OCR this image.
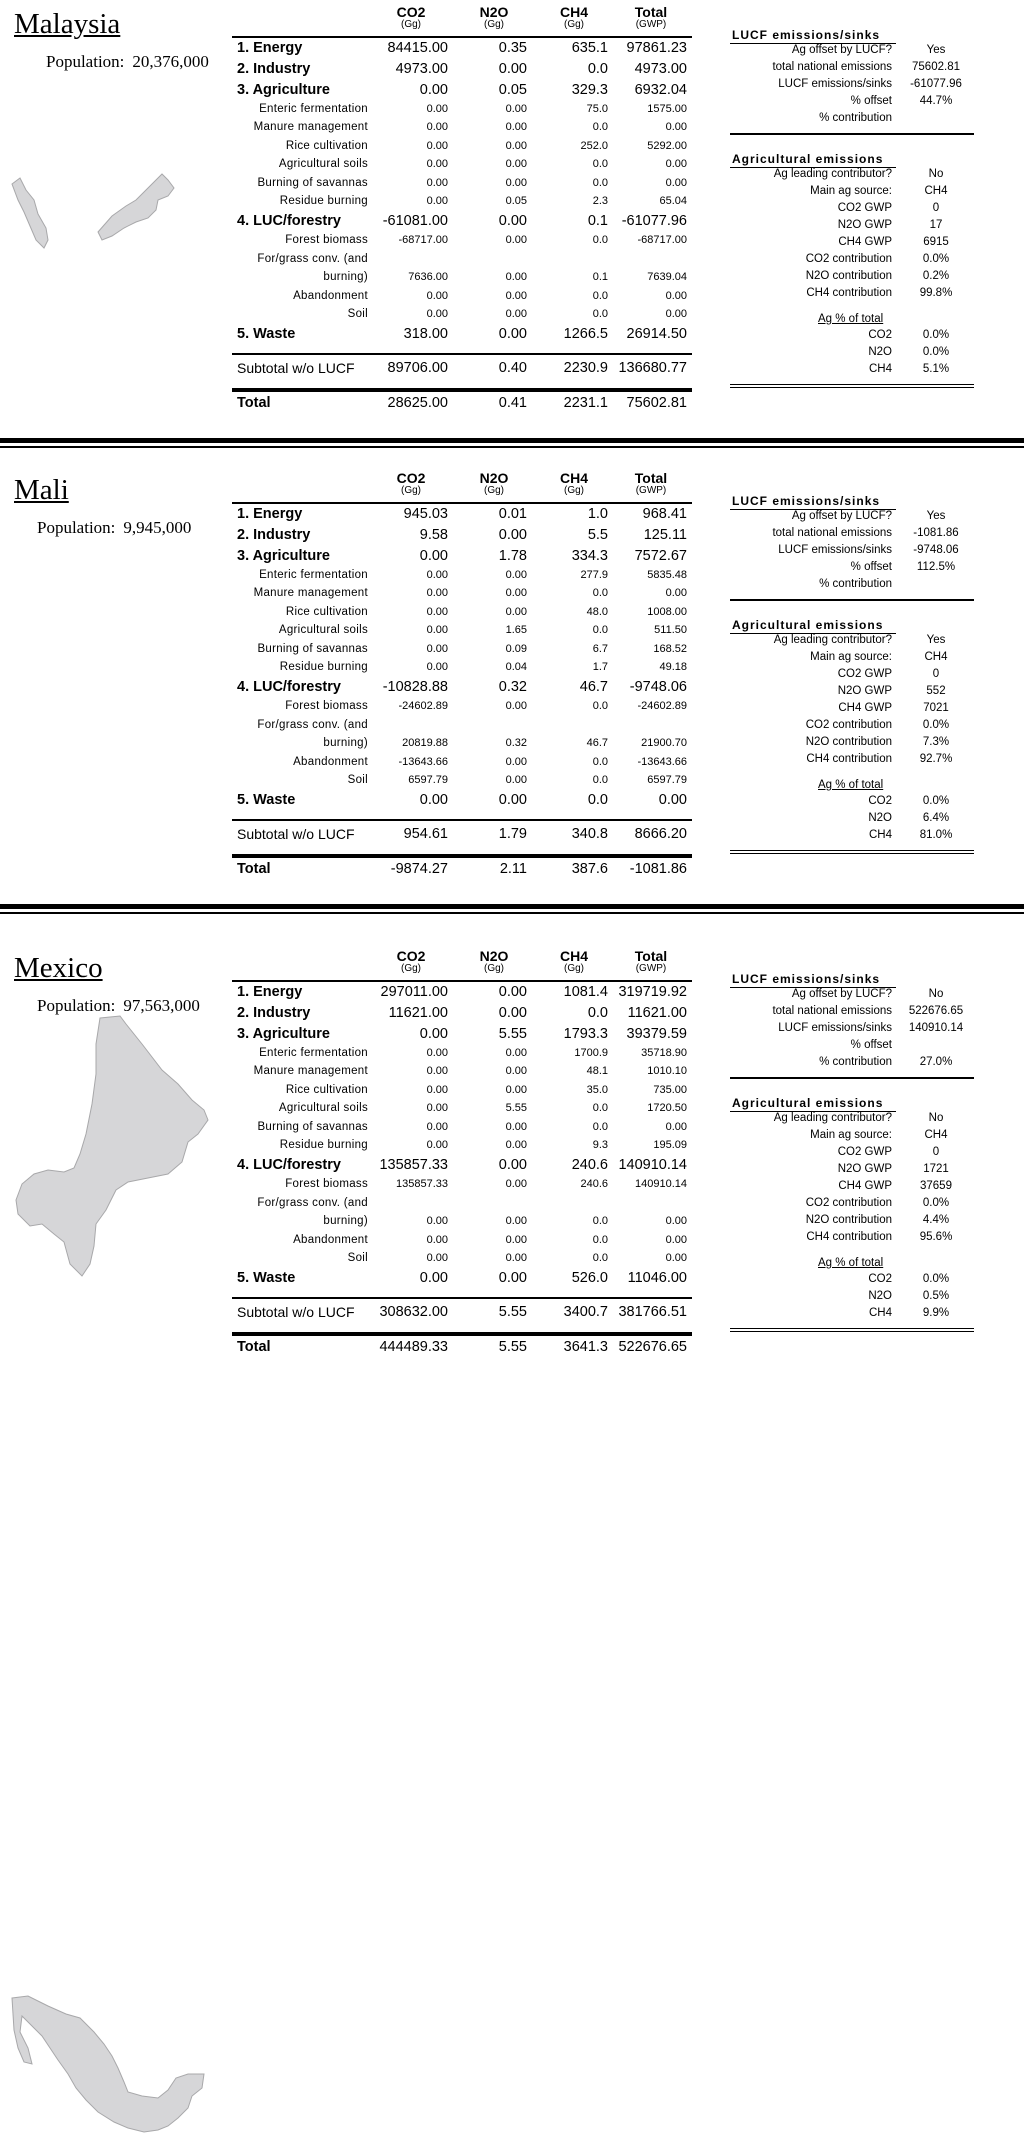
Malaysia
Population: 20,376,000
CO2
(Gg)
N2O
(Gg)
CH4
(Gg)
Total
(GWP)
1. Energy	84415.00	0.35	635.1 97861.23
2. Industry	4973.00	0.00	0.0 4973.00
3. Agriculture	0.00	0.05	329.3 6932.04
Enteric fermentation	0.00	0.00	75.0	1575.00
Manure management	0.00	0.00	0.0	0.00
Rice cultivation	0.00	0.00	252.0	5292.00
Agricultural soils	0.00	0.00	0.0	0.00
Burning of savannas	0.00	0.00	0.0	0.00
Residue burning	0.00	0.05	2.3	65.04
4. LUC/forestry	-61081.00	0.00	0.1 -61077.96
Forest biomass	-68717.00	0.00	0.0	-68717.00
For/grass conv. (and
burning)	7636.00	0.00	0.1	7639.04
Abandonment	0.00	0.00	0.0	0.00
Soil	0.00	0.00	0.0	0.00
5. Waste	318.00	0.00	1266.5 26914.50
Subtotal w/o LUCF 89706.00	0.40	2230.9 136680.77
Total	28625.00	0.41	2231.1 75602.81
LUCF emissions/sinks
Ag offset by LUCF?	Yes
total national emissions	75602.81
LUCF emissions/sinks	-61077.96
% offset	44.7%
% contribution
Agricultural emissions
Ag leading contributor?	No
Main ag source:	CH4
CO2 GWP	0
N2O GWP	17
CH4 GWP	6915
CO2 contribution	0.0%
N2O contribution	0.2%
CH4 contribution	99.8%
Ag % of total
CO2	0.0%
N2O	0.0%
CH4	5.1%
Mali
Population: 9,945,000
CO2
(Gg)
N2O
(Gg)
CH4
(Gg)
Total
(GWP)
1. Energy	945.03	0.01	1.0 968.41
2. Industry	9.58	0.00	5.5 125.11
3. Agriculture	0.00	1.78	334.3 7572.67
Enteric fermentation	0.00	0.00	277.9	5835.48
Manure management	0.00	0.00	0.0	0.00
Rice cultivation	0.00	0.00	48.0	1008.00
Agricultural soils	0.00	1.65	0.0	511.50
Burning of savannas	0.00	0.09	6.7	168.52
Residue burning	0.00	0.04	1.7	49.18
4. LUC/forestry	-10828.88	0.32	46.7 -9748.06
Forest biomass	-24602.89	0.00	0.0	-24602.89
For/grass conv. (and
burning)	20819.88	0.32	46.7	21900.70
Abandonment	-13643.66	0.00	0.0	-13643.66
Soil	6597.79	0.00	0.0	6597.79
5. Waste	0.00	0.00	0.0	0.00
Subtotal w/o LUCF	954.61	1.79	340.8 8666.20
Total	-9874.27	2.11	387.6 -1081.86
LUCF emissions/sinks
Ag offset by LUCF?	Yes
total national emissions	-1081.86
LUCF emissions/sinks	-9748.06
% offset	112.5%
% contribution
Agricultural emissions
Ag leading contributor?	Yes
Main ag source:	CH4
CO2 GWP	0
N2O GWP	552
CH4 GWP	7021
CO2 contribution	0.0%
N2O contribution	7.3%
CH4 contribution	92.7%
Ag % of total
CO2	0.0%
N2O	6.4%
CH4	81.0%
Mexico
Population: 97,563,000
CO2
(Gg)
N2O
(Gg)
CH4
(Gg)
Total
(GWP)
1. Energy	297011.00	0.00	1081.4 319719.92
2. Industry	11621.00	0.00	0.0 11621.00
3. Agriculture	0.00	5.55	1793.3 39379.59
Enteric fermentation	0.00	0.00	1700.9	35718.90
Manure management	0.00	0.00	48.1	1010.10
Rice cultivation	0.00	0.00	35.0	735.00
Agricultural soils	0.00	5.55	0.0	1720.50
Burning of savannas	0.00	0.00	0.0	0.00
Residue burning	0.00	0.00	9.3	195.09
4. LUC/forestry	135857.33	0.00	240.6 140910.14
Forest biomass	135857.33	0.00	240.6 140910.14
For/grass conv. (and
burning)	0.00	0.00	0.0	0.00
Abandonment	0.00	0.00	0.0	0.00
Soil	0.00	0.00	0.0	0.00
5. Waste	0.00	0.00	526.0 11046.00
Subtotal w/o LUCF 308632.00	5.55	3400.7 381766.51
Total	444489.33	5.55	3641.3 522676.65
LUCF emissions/sinks
Ag offset by LUCF?	No
total national emissions 522676.65
LUCF emissions/sinks 140910.14
% offset
% contribution	27.0%
Agricultural emissions
Ag leading contributor?	No
Main ag source:	CH4
CO2 GWP	0
N2O GWP	1721
CH4 GWP	37659
CO2 contribution	0.0%
N2O contribution	4.4%
CH4 contribution	95.6%
Ag % of total
CO2	0.0%
N2O	0.5%
CH4	9.9%
